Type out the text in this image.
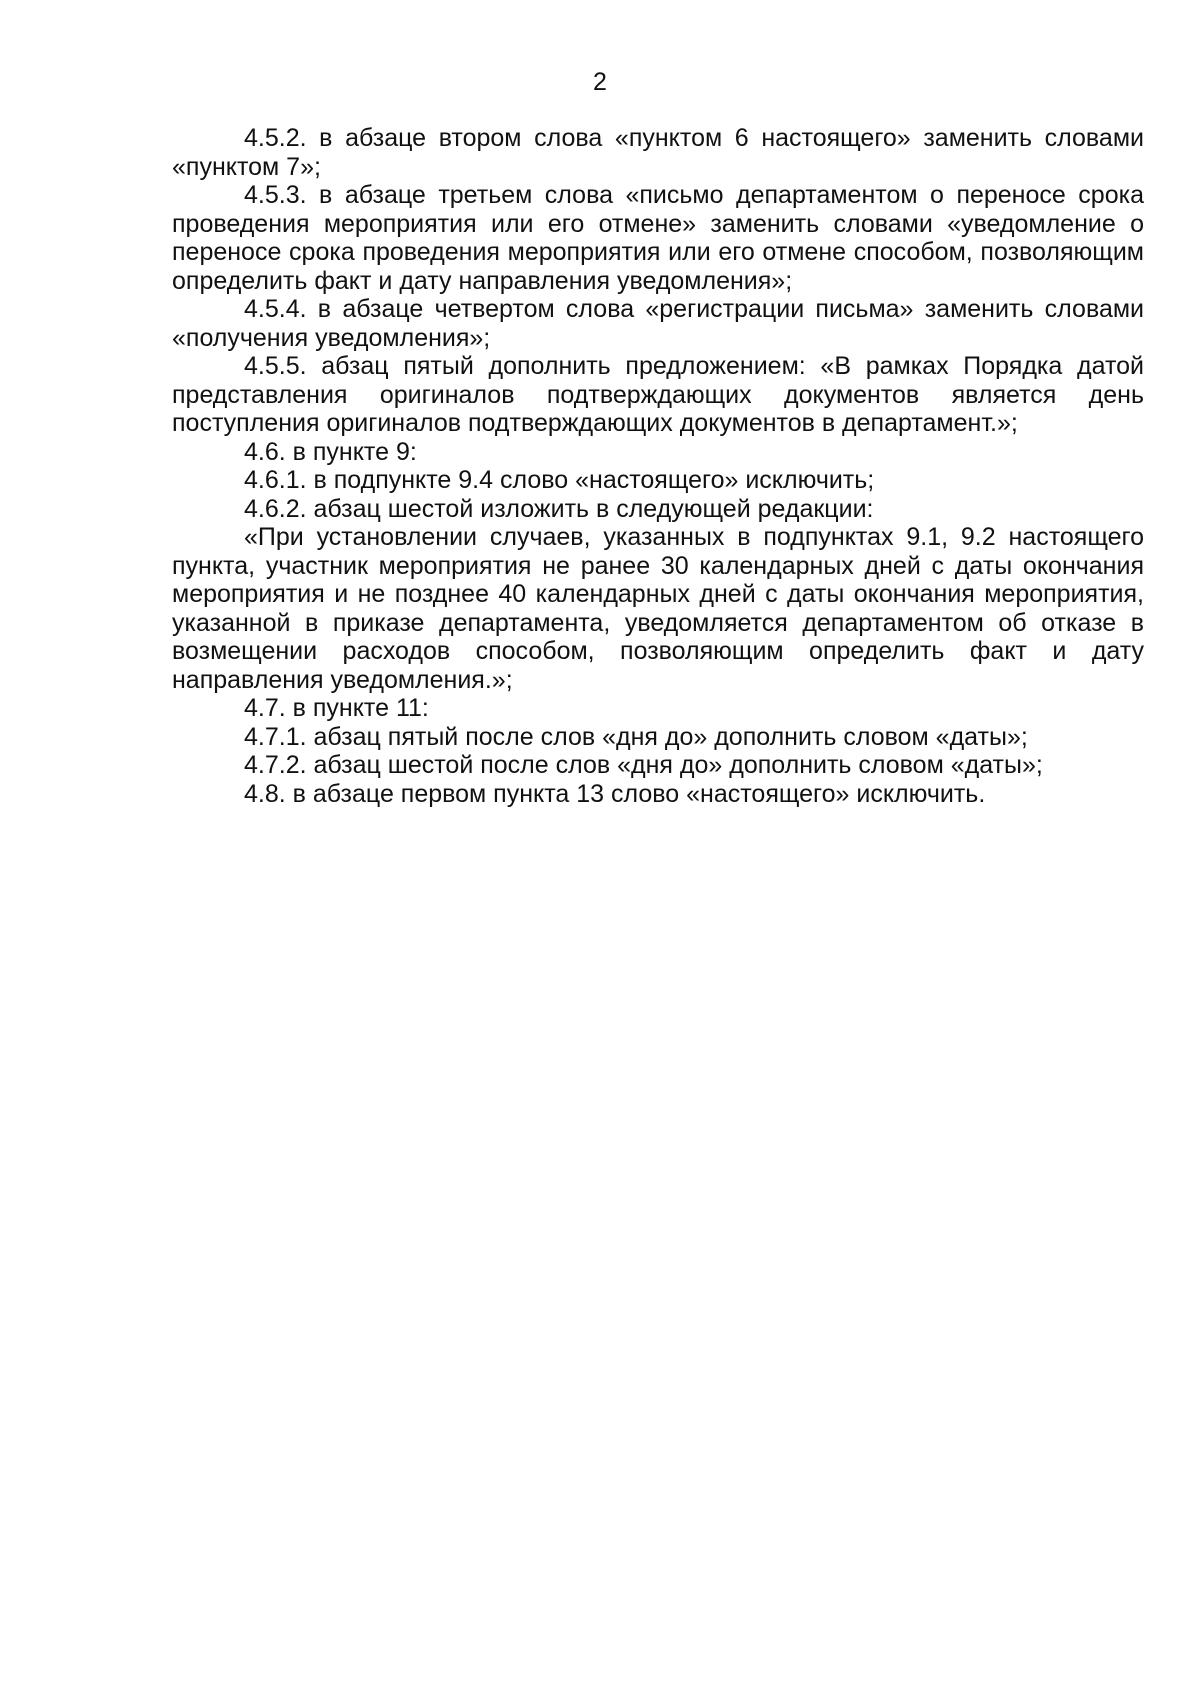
2

4.5.2. в абзаце втором слова «пунктом 6 настоящего» заменить словами «пунктом 7»;

4.5.3. в абзаце третьем слова «письмо департаментом о переносе срока проведения мероприятия или его отмене» заменить словами «уведомление о переносе срока проведения мероприятия или его отмене способом, позволяющим определить факт и дату направления уведомления»;

4.5.4. в абзаце четвертом слова «регистрации письма» заменить словами «получения уведомления»;

4.5.5. абзац пятый дополнить предложением: «В рамках Порядка датой представления оригиналов подтверждающих документов является день поступления оригиналов подтверждающих документов в департамент.»;

4.6. в пункте 9:

4.6.1. в подпункте 9.4 слово «настоящего» исключить;

4.6.2. абзац шестой изложить в следующей редакции:

«При установлении случаев, указанных в подпунктах 9.1, 9.2 настоящего пункта, участник мероприятия не ранее 30 календарных дней с даты окончания мероприятия и не позднее 40 календарных дней с даты окончания мероприятия, указанной в приказе департамента, уведомляется департаментом об отказе в возмещении расходов способом, позволяющим определить факт и дату направления уведомления.»;

4.7. в пункте 11:

4.7.1. абзац пятый после слов «дня до» дополнить словом «даты»;

4.7.2. абзац шестой после слов «дня до» дополнить словом «даты»;

4.8. в абзаце первом пункта 13 слово «настоящего» исключить.
